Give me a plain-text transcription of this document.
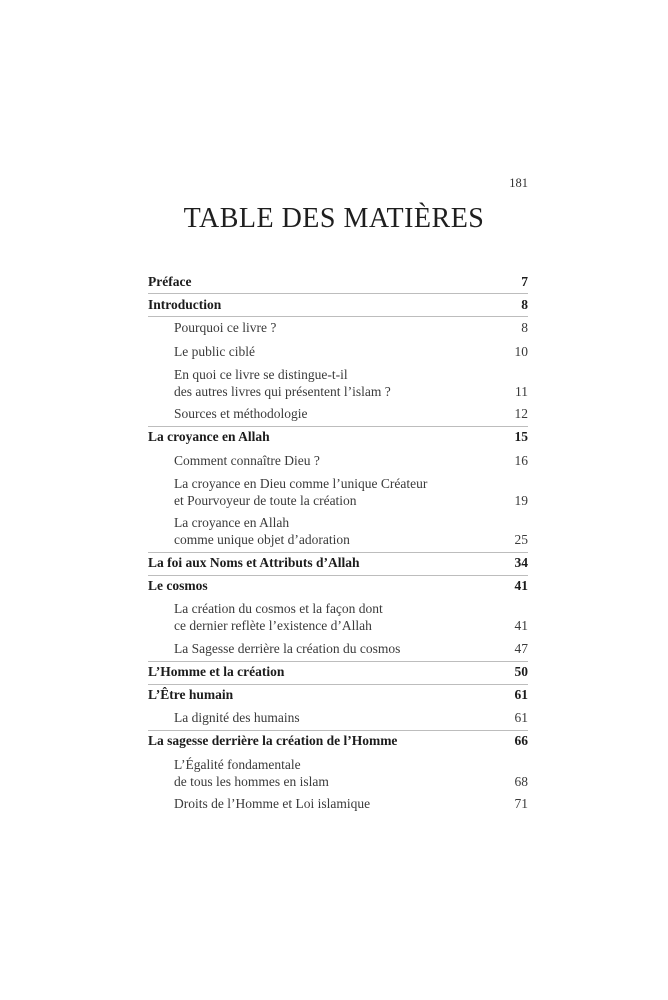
181
TABLE DES MATIÈRES
Préface	7
Introduction	8
Pourquoi ce livre ?	8
Le public ciblé	10
En quoi ce livre se distingue-t-il
des autres livres qui présentent l’islam ?	11
Sources et méthodologie	12
La croyance en Allah	15
Comment connaître Dieu ?	16
La croyance en Dieu comme l’unique Créateur
et Pourvoyeur de toute la création	19
La croyance en Allah
comme unique objet d’adoration	25
La foi aux Noms et Attributs d’Allah	34
Le cosmos	41
La création du cosmos et la façon dont
ce dernier reflète l’existence d’Allah	41
La Sagesse derrière la création du cosmos	47
L’Homme et la création	50
L’Être humain	61
La dignité des humains	61
La sagesse derrière la création de l’Homme	66
L’Égalité fondamentale
de tous les hommes en islam	68
Droits de l’Homme et Loi islamique	71
